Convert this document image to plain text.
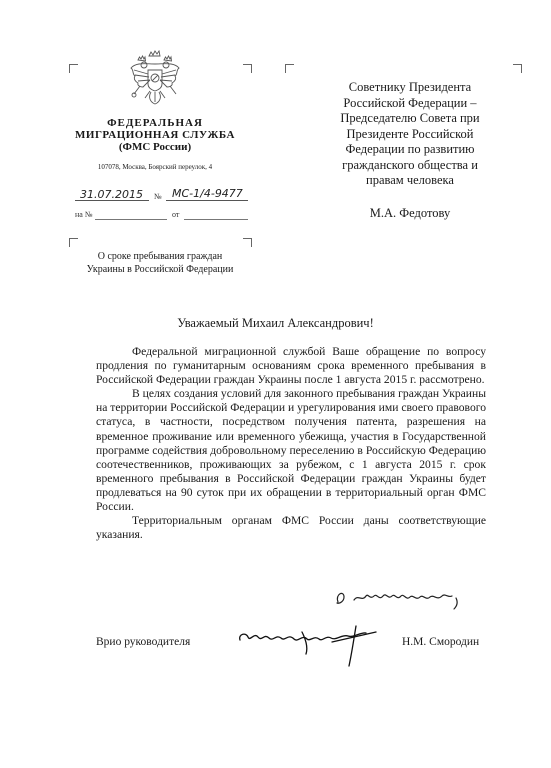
ФЕДЕРАЛЬНАЯ
МИГРАЦИОННАЯ СЛУЖБА
(ФМС России)
107078, Москва, Боярский переулок, 4
31.07.2015 № МС-1/4-9477
на №	от
О сроке пребывания граждан
Украины в Российской Федерации
Советнику Президента
Российской Федерации –
Председателю Совета при
Президенте Российской
Федерации по развитию
гражданского общества и
правам человека
М.А. Федотову
Уважаемый Михаил Александрович!

Федеральной миграционной службой Ваше обращение по вопросу продления по гуманитарным основаниям срока временного пребывания в Российской Федерации граждан Украины после 1 августа 2015 г. рассмотрено.

В целях создания условий для законного пребывания граждан Украины на территории Российской Федерации и урегулирования ими своего правового статуса, в частности, посредством получения патента, разрешения на временное проживание или временного убежища, участия в Государственной программе содействия добровольному переселению в Российскую Федерацию соотечественников, проживающих за рубежом, с 1 августа 2015 г. срок временного пребывания в Российской Федерации граждан Украины будет продлеваться на 90 суток при их обращении в территориальный орган ФМС России.

Территориальным органам ФМС России даны соответствующие указания.

Врио руководителя	Н.М. Смородин
